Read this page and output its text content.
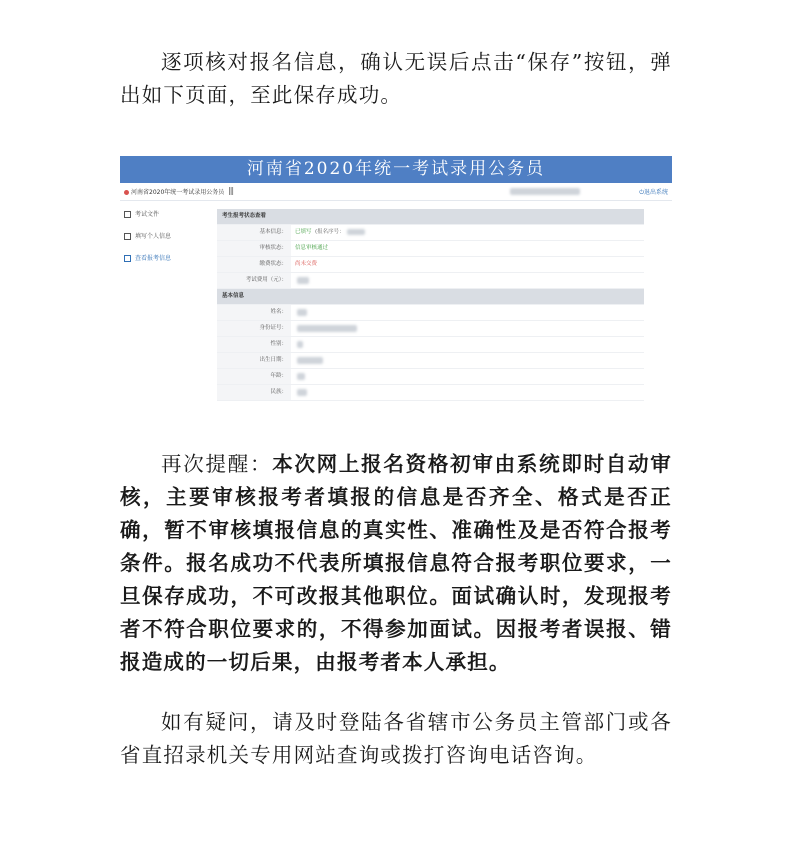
逐项核对报名信息，确认无误后点击“保存”按钮，弹出如下页面，至此保存成功。

河南省2020年统一考试录用公务员
河南省2020年统一考试录用公务员 |||	⏻退出系统
考试文件
填写个人信息
查看报考信息
考生报考状态查看
基本信息：	已填写 (报名序号：
审核状态：	信息审核通过
缴费状态：	尚未交费
考试费用（元）：
基本信息
姓名：
身份证号：
性别：
出生日期：
年龄：
民族：

再次提醒：本次网上报名资格初审由系统即时自动审核，主要审核报考者填报的信息是否齐全、格式是否正确，暂不审核填报信息的真实性、准确性及是否符合报考条件。报名成功不代表所填报信息符合报考职位要求，一旦保存成功，不可改报其他职位。面试确认时，发现报考者不符合职位要求的，不得参加面试。因报考者误报、错报造成的一切后果，由报考者本人承担。

如有疑问，请及时登陆各省辖市公务员主管部门或各省直招录机关专用网站查询或拨打咨询电话咨询。
